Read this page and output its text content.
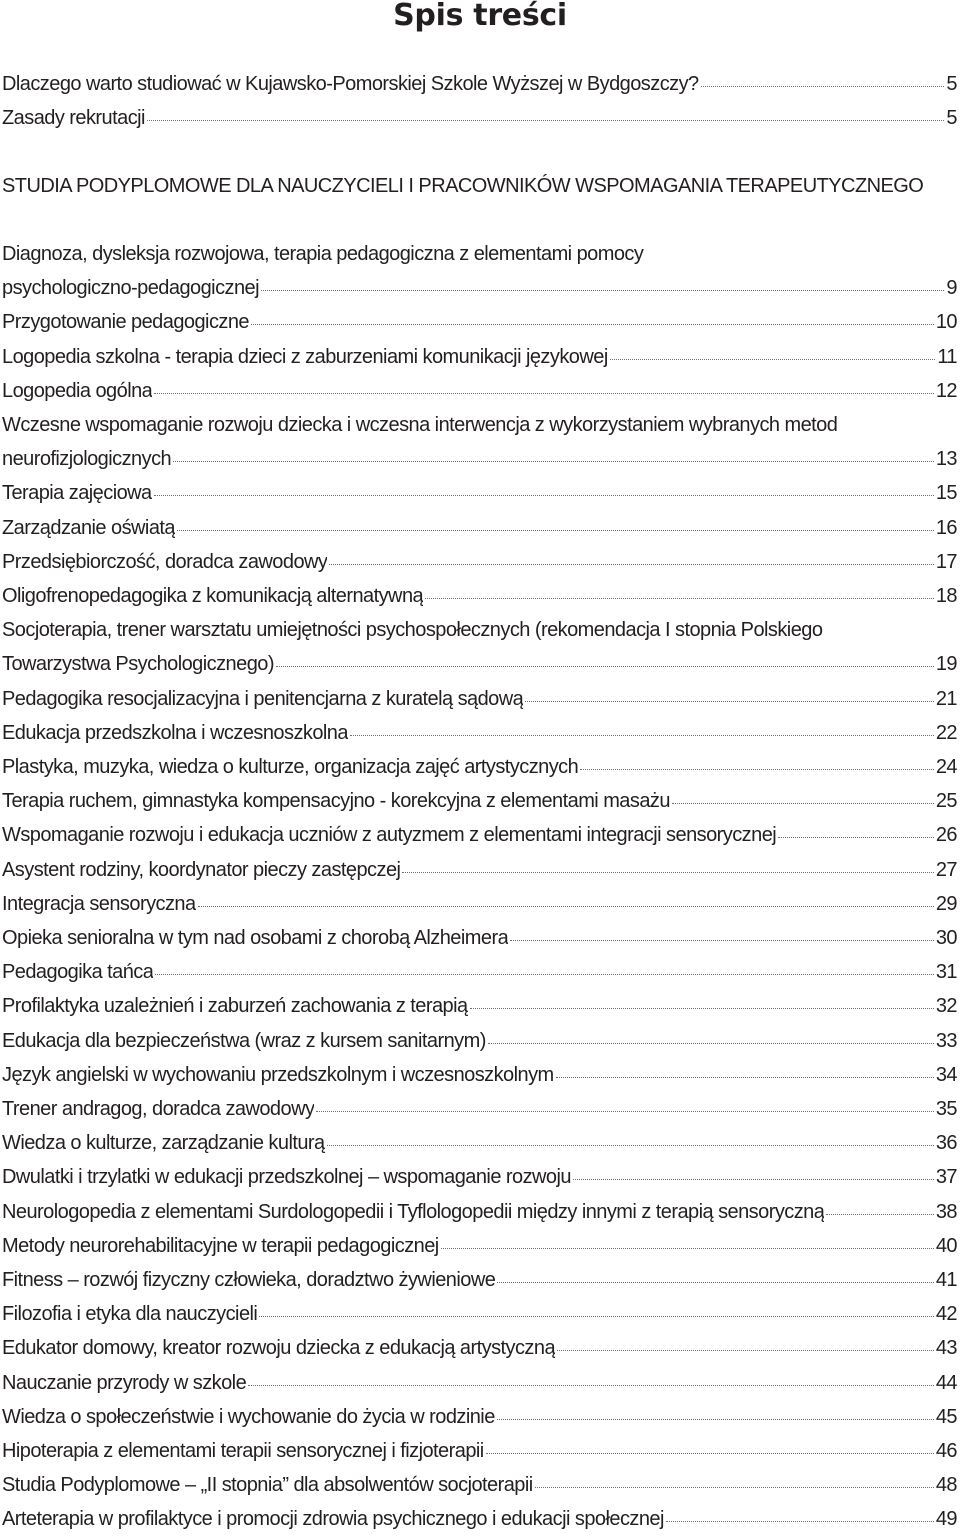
Spis treści
Dlaczego warto studiować w Kujawsko-Pomorskiej Szkole Wyższej w Bydgoszczy?	5
Zasady rekrutacji	5
STUDIA PODYPLOMOWE DLA NAUCZYCIELI I PRACOWNIKÓW WSPOMAGANIA TERAPEUTYCZNEGO
Diagnoza, dysleksja rozwojowa, terapia pedagogiczna z elementami pomocy
psychologiczno-pedagogicznej	9
Przygotowanie pedagogiczne	10
Logopedia szkolna - terapia dzieci z zaburzeniami komunikacji językowej	11
Logopedia ogólna	12
Wczesne wspomaganie rozwoju dziecka i wczesna interwencja z wykorzystaniem wybranych metod
neurofizjologicznych	13
Terapia zajęciowa	15
Zarządzanie oświatą	16
Przedsiębiorczość, doradca zawodowy	17
Oligofrenopedagogika z komunikacją alternatywną	18
Socjoterapia, trener warsztatu umiejętności psychospołecznych (rekomendacja I stopnia Polskiego
Towarzystwa Psychologicznego)	19
Pedagogika resocjalizacyjna i penitencjarna z kuratelą sądową	21
Edukacja przedszkolna i wczesnoszkolna	22
Plastyka, muzyka, wiedza o kulturze, organizacja zajęć artystycznych	24
Terapia ruchem, gimnastyka kompensacyjno - korekcyjna z elementami masażu	25
Wspomaganie rozwoju i edukacja uczniów z autyzmem z elementami integracji sensorycznej	26
Asystent rodziny, koordynator pieczy zastępczej	27
Integracja sensoryczna	29
Opieka senioralna w tym nad osobami z chorobą Alzheimera	30
Pedagogika tańca	31
Profilaktyka uzależnień i zaburzeń zachowania z terapią	32
Edukacja dla bezpieczeństwa (wraz z kursem sanitarnym)	33
Język angielski w wychowaniu przedszkolnym i wczesnoszkolnym	34
Trener andragog, doradca zawodowy	35
Wiedza o kulturze, zarządzanie kulturą	36
Dwulatki i trzylatki w edukacji przedszkolnej – wspomaganie rozwoju	37
Neurologopedia z elementami Surdologopedii i Tyflologopedii między innymi z terapią sensoryczną	38
Metody neurorehabilitacyjne w terapii pedagogicznej	40
Fitness – rozwój fizyczny człowieka, doradztwo żywieniowe	41
Filozofia i etyka dla nauczycieli	42
Edukator domowy, kreator rozwoju dziecka z edukacją artystyczną	43
Nauczanie przyrody w szkole	44
Wiedza o społeczeństwie i wychowanie do życia w rodzinie	45
Hipoterapia z elementami terapii sensorycznej i fizjoterapii	46
Studia Podyplomowe – „II stopnia” dla absolwentów socjoterapii	48
Arteterapia w profilaktyce i promocji zdrowia psychicznego i edukacji społecznej	49
